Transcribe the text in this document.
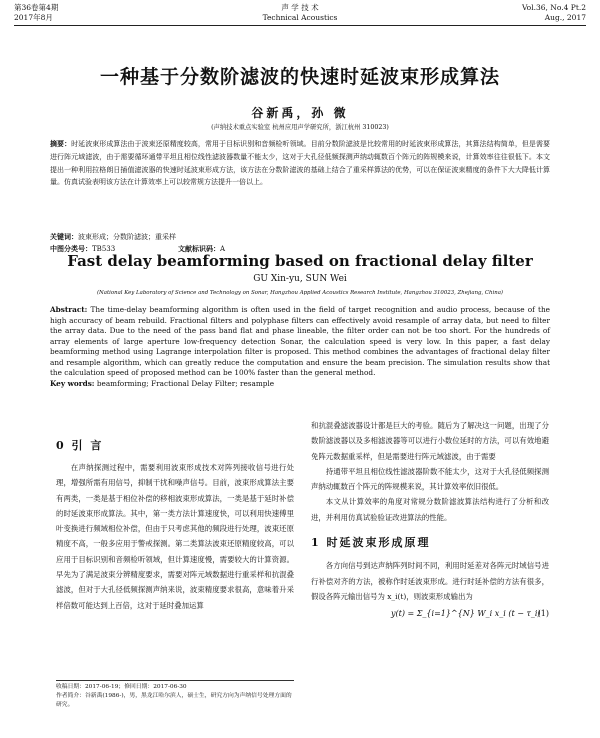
第36卷第4期
2017年8月
声 学 技 术
Technical Acoustics
Vol.36, No.4 Pt.2
Aug., 2017
一种基于分数阶滤波的快速时延波束形成算法
谷新禹，孙 微
(声纳技术重点实验室 杭州应用声学研究所，浙江杭州 310023)
摘要：时延波束形成算法由于波束还原精度较高，常用于目标识别和音频检听领域。目前分数阶滤波是比较常用的时延波束形成算法，其算法结构简单，但是需要进行阵元域滤波，由于需要循环通带平坦且相位线性滤波器数量不能太少，这对于大孔径低频探测声纳动辄数百个阵元的阵规模来说，计算效率往往很低下。本文提出一种利用拉格朗日插值滤波器的快速时延波束形成方法，该方法在分数阶滤波的基础上结合了重采样算法的优势，可以在保证波束精度的条件下大大降低计算量。仿真试验表明该方法在计算效率上可以较常规方法提升一倍以上。
关键词：波束形成；分数阶滤波；重采样
中图分类号：TB533	文献标识码：A
Fast delay beamforming based on fractional delay filter
GU Xin-yu, SUN Wei
(National Key Laboratory of Science and Technology on Sonar, Hangzhou Applied Acoustics Research Institute, Hangzhou 310023, Zhejiang, China)
Abstract: The time-delay beamforming algorithm is often used in the field of target recognition and audio process, because of the high accuracy of beam rebuild. Fractional filters and polyphase filters can effectively avoid resample of array data, but need to filter the array data. Due to the need of the pass band flat and phase lineable, the filter order can not be too short. For the hundreds of array elements of large aperture low-frequency detection Sonar, the calculation speed is very low. In this paper, a fast delay beamforming method using Lagrange interpolation filter is proposed. This method combines the advantages of fractional delay filter and resample algorithm, which can greatly reduce the computation and ensure the beam precision. The simulation results show that the calculation speed of proposed method can be 100% faster than the general method.
Key words: beamforming; Fractional Delay Filter; resample
0 引 言

在声纳探测过程中，需要利用波束形成技术对阵列接收信号进行处理，增强所需有用信号，抑制干扰和噪声信号。目前，波束形成算法主要有两类，一类是基于相位补偿的移相波束形成算法，一类是基于延时补偿的时延波束形成算法。其中，第一类方法计算速度快，可以利用快速傅里叶变换进行频域相位补偿，但由于只考虑其他的频段进行处理，波束还原精度不高，一般多应用于警戒探测。第二类算法波束还原精度较高，可以应用于目标识别和音频检听领域，但计算速度慢，需要较大的计算资源。早先为了满足波束分辨精度要求，需要对阵元域数据进行重采样和抗混叠滤波，但对于大孔径低频探测声纳来说，波束精度要求很高，意味着升采样倍数可能达到上百倍，这对于延时叠加运算

和抗混叠滤波器设计都是巨大的考验。随后为了解决这一问题，出现了分数阶滤波器以及多相滤波器等可以进行小数位延时的方法，可以有效地避免阵元数据重采样，但是需要进行阵元域滤波，由于需要

持通带平坦且相位线性滤波器阶数不能太少，这对于大孔径低频探测声纳动辄数百个阵元的阵规模来说，其计算效率依旧很低。

本文从计算效率的角度对常规分数阶滤波算法结构进行了分析和改进，并利用仿真试验验证改进算法的性能。

1 时延波束形成原理

各方向信号到达声纳阵列时间不同，利用时延差对各阵元时域信号进行补偿对齐的方法，被称作时延波束形成。进行时延补偿的方法有很多，假设各阵元输出信号为 x_i(t)，则波束形成输出为

y(t) = Σ_{i=1}^{N} W_i x_i (t − τ_i)
(1)
收稿日期：2017-06-19；修回日期：2017-06-30
作者简介：谷新禹(1986-)，男，黑龙江哈尔滨人，硕士生，研究方向为声纳信号处理方面的研究。
